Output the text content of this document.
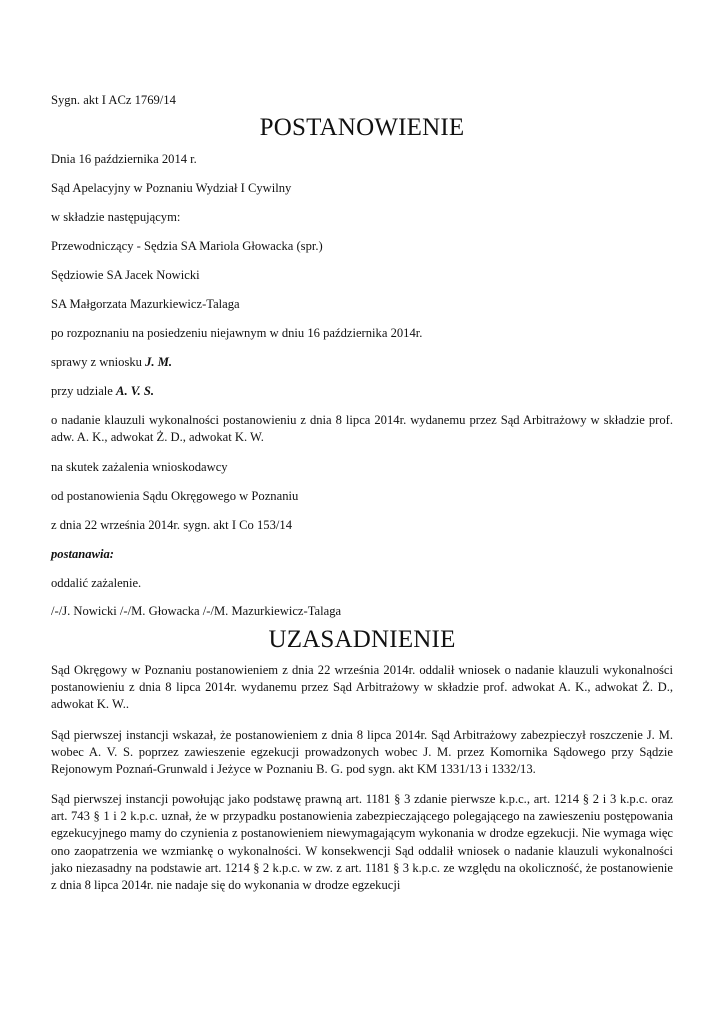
Sygn. akt I ACz 1769/14
POSTANOWIENIE
Dnia 16 października 2014 r.
Sąd Apelacyjny w Poznaniu Wydział I Cywilny
w składzie następującym:
Przewodniczący - Sędzia SA Mariola Głowacka (spr.)
Sędziowie SA Jacek Nowicki
SA Małgorzata Mazurkiewicz-Talaga
po rozpoznaniu na posiedzeniu niejawnym w dniu 16 października 2014r.
sprawy z wniosku J. M.
przy udziale A. V. S.
o nadanie klauzuli wykonalności postanowieniu z dnia 8 lipca 2014r. wydanemu przez Sąd Arbitrażowy w składzie prof. adw. A. K., adwokat Ż. D., adwokat K. W.
na skutek zażalenia wnioskodawcy
od postanowienia Sądu Okręgowego w Poznaniu
z dnia 22 września 2014r. sygn. akt I Co 153/14
postanawia:
oddalić zażalenie.
/-/J. Nowicki /-/M. Głowacka /-/M. Mazurkiewicz-Talaga
UZASADNIENIE
Sąd Okręgowy w Poznaniu postanowieniem z dnia 22 września 2014r. oddalił wniosek o nadanie klauzuli wykonalności postanowieniu z dnia 8 lipca 2014r. wydanemu przez Sąd Arbitrażowy w składzie prof. adwokat A. K., adwokat Ż. D., adwokat K. W..
Sąd pierwszej instancji wskazał, że postanowieniem z dnia 8 lipca 2014r. Sąd Arbitrażowy zabezpieczył roszczenie J. M. wobec A. V. S. poprzez zawieszenie egzekucji prowadzonych wobec J. M. przez Komornika Sądowego przy Sądzie Rejonowym Poznań-Grunwald i Jeżyce w Poznaniu B. G. pod sygn. akt KM 1331/13 i 1332/13.
Sąd pierwszej instancji powołując jako podstawę prawną art. 1181 § 3 zdanie pierwsze k.p.c., art. 1214 § 2 i 3 k.p.c. oraz art. 743 § 1 i 2 k.p.c. uznał, że w przypadku postanowienia zabezpieczającego polegającego na zawieszeniu postępowania egzekucyjnego mamy do czynienia z postanowieniem niewymagającym wykonania w drodze egzekucji. Nie wymaga więc ono zaopatrzenia we wzmiankę o wykonalności. W konsekwencji Sąd oddalił wniosek o nadanie klauzuli wykonalności jako niezasadny na podstawie art. 1214 § 2 k.p.c. w zw. z art. 1181 § 3 k.p.c. ze względu na okoliczność, że postanowienie z dnia 8 lipca 2014r. nie nadaje się do wykonania w drodze egzekucji
